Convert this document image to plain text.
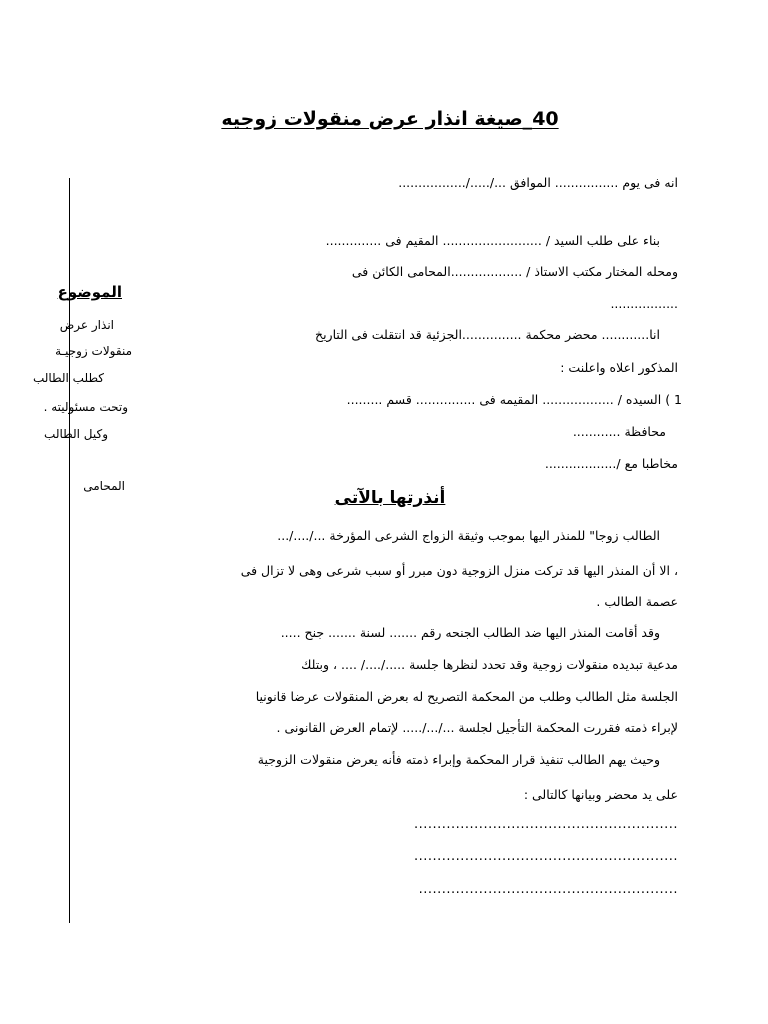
40_صيغة انذار عرض منقولات زوجيه
الموضوع
انذار عرض
منقولات زوجيـة
كطلب الطالب
وتحت مسئوليته .
وكيل الطالب
المحامى
انه فى يوم ................ الموافق .../...../.................
بناء على طلب السيد / ......................... المقيم فى ..............
ومحله المختار مكتب الاستاذ / ..................المحامى الكائن فى
.................
انا............ محضر محكمة ...............الجزئية قد انتقلت فى التاريخ
المذكور اعلاه واعلنت :
1 ) السيده / .................. المقيمه فى ............... قسم .........
محافظة ............
مخاطبا مع /..................
أنذرتها بالآتى
الطالب زوجا" للمنذر اليها بموجب وثيقة الزواج الشرعى المؤرخة .../..../...
، الا أن المنذر اليها قد تركت منزل الزوجية دون مبرر أو سبب شرعى وهى لا تزال فى
عصمة الطالب .
وقد أقامت المنذر اليها ضد الطالب الجنحه رقم ....... لسنة ....... جنح .....
مدعية تبديده منقولات زوجية وقد تحدد لنظرها جلسة ...../..../ .... ، وبتلك
الجلسة مثل الطالب وطلب من المحكمة التصريح له بعرض المنقولات عرضا قانونيا
لإبراء ذمته فقررت المحكمة التأجيل لجلسة .../.../..... لإتمام العرض القانونى .
وحيث يهم الطالب تنفيذ قرار المحكمة وإبراء ذمته فأنه يعرض منقولات الزوجية
على يد محضر وبيانها كالتالى :
.........................................................
.........................................................
........................................................
